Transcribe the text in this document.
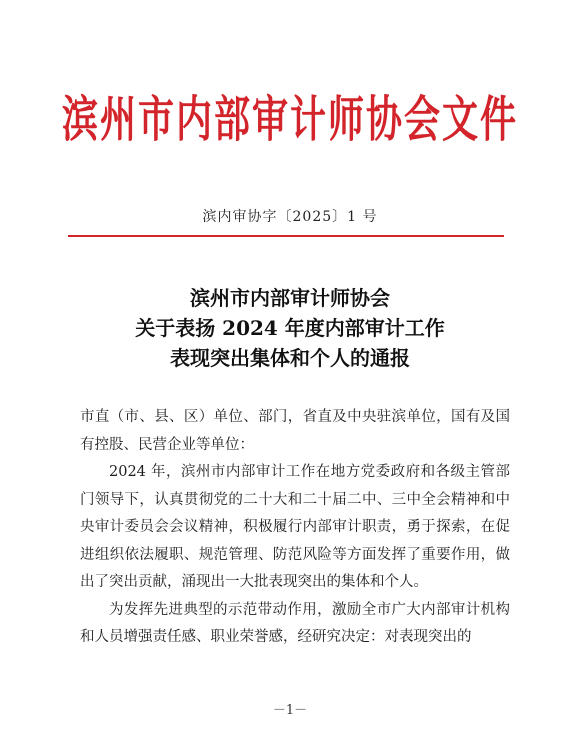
滨州市内部审计师协会文件
滨内审协字〔2025〕1 号
滨州市内部审计师协会
关于表扬 2024 年度内部审计工作
表现突出集体和个人的通报

市直（市、县、区）单位、部门，省直及中央驻滨单位，国有及国有控股、民营企业等单位：

2024 年，滨州市内部审计工作在地方党委政府和各级主管部门领导下，认真贯彻党的二十大和二十届二中、三中全会精神和中央审计委员会会议精神，积极履行内部审计职责，勇于探索，在促进组织依法履职、规范管理、防范风险等方面发挥了重要作用，做出了突出贡献，涌现出一大批表现突出的集体和个人。

为发挥先进典型的示范带动作用，激励全市广大内部审计机构和人员增强责任感、职业荣誉感，经研究决定：对表现突出的

－1－
